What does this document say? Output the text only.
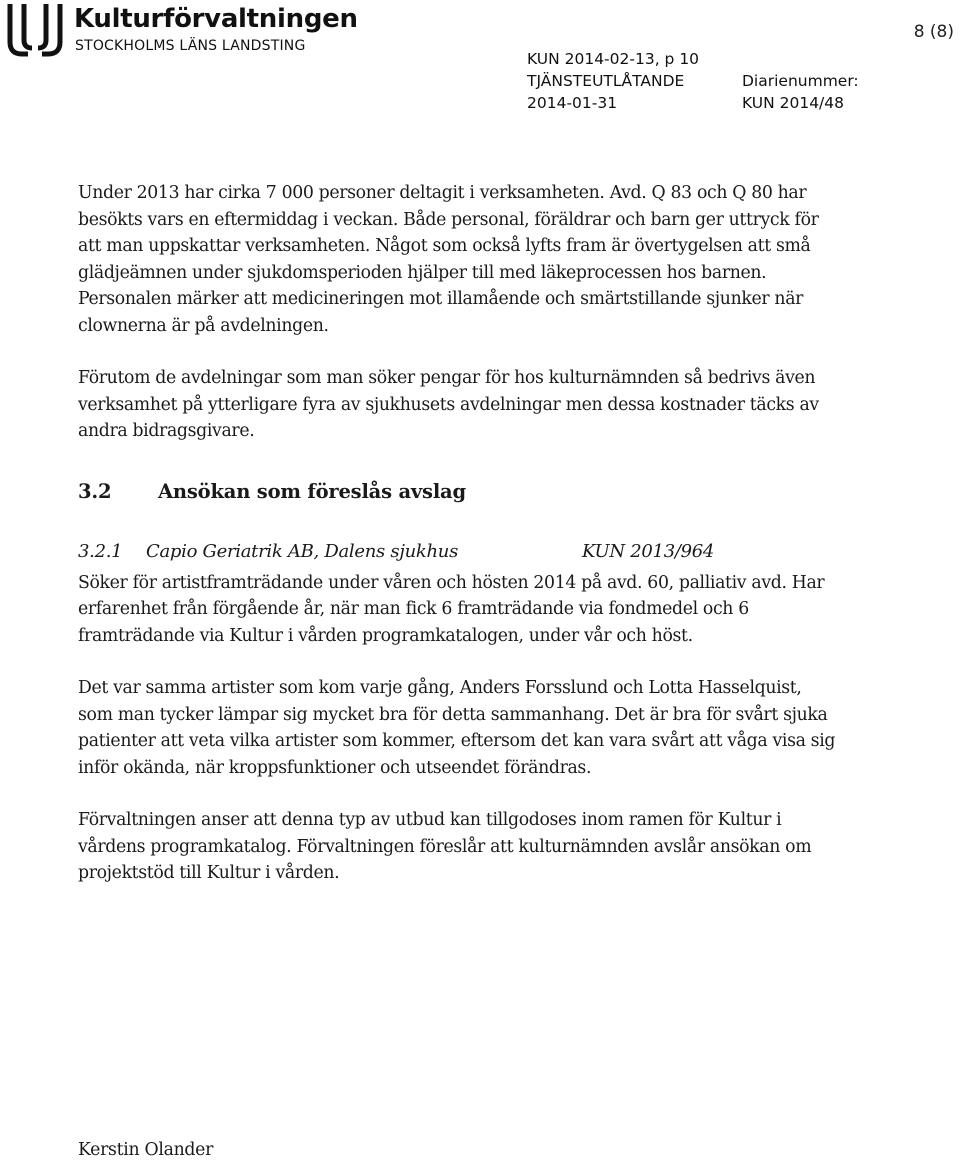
Kulturförvaltningen
STOCKHOLMS LÄNS LANDSTING
8 (8)
KUN 2014-02-13, p 10
TJÄNSTEUTLÅTANDE	Diarienummer:
2014-01-31	KUN 2014/48

Under 2013 har cirka 7 000 personer deltagit i verksamheten. Avd. Q 83 och Q 80 har besökts vars en eftermiddag i veckan. Både personal, föräldrar och barn ger uttryck för att man uppskattar verksamheten. Något som också lyfts fram är övertygelsen att små glädjeämnen under sjukdomsperioden hjälper till med läkeprocessen hos barnen. Personalen märker att medicineringen mot illamående och smärtstillande sjunker när clownerna är på avdelningen.

Förutom de avdelningar som man söker pengar för hos kulturnämnden så bedrivs även verksamhet på ytterligare fyra av sjukhusets avdelningar men dessa kostnader täcks av andra bidragsgivare.

3.2	Ansökan som föreslås avslag
3.2.1	Capio Geriatrik AB, Dalens sjukhus	KUN 2013/964

Söker för artistframträdande under våren och hösten 2014 på avd. 60, palliativ avd. Har erfarenhet från förgående år, när man fick 6 framträdande via fondmedel och 6 framträdande via Kultur i vården programkatalogen, under vår och höst.

Det var samma artister som kom varje gång, Anders Forsslund och Lotta Hasselquist, som man tycker lämpar sig mycket bra för detta sammanhang. Det är bra för svårt sjuka patienter att veta vilka artister som kommer, eftersom det kan vara svårt att våga visa sig inför okända, när kroppsfunktioner och utseendet förändras.

Förvaltningen anser att denna typ av utbud kan tillgodoses inom ramen för Kultur i vårdens programkatalog. Förvaltningen föreslår att kulturnämnden avslår ansökan om projektstöd till Kultur i vården.

Kerstin Olander
